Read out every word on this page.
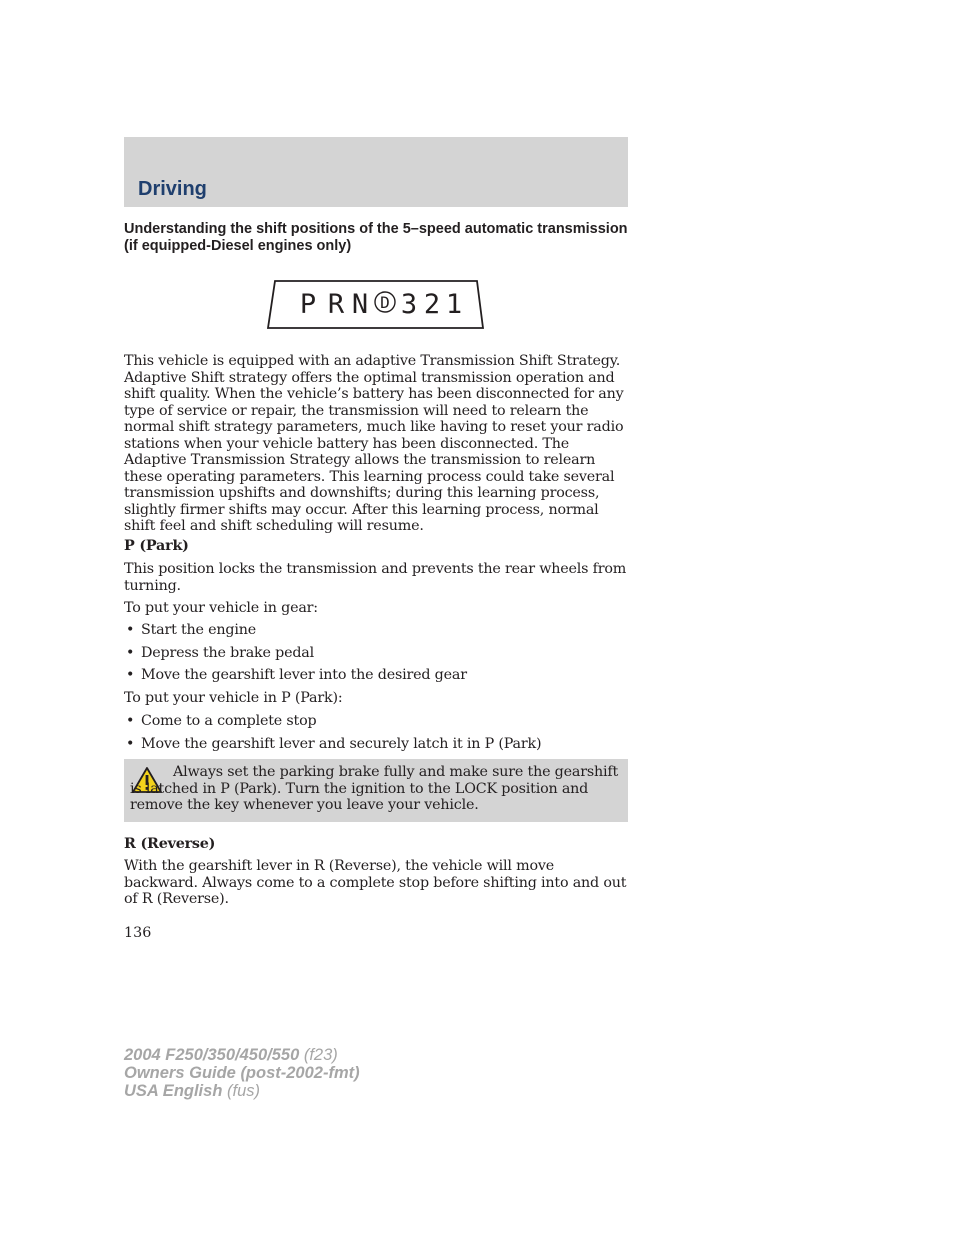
Driving
Understanding the shift positions of the 5–speed automatic transmission (if equipped-Diesel engines only)
P R N D 3 2 1

This vehicle is equipped with an adaptive Transmission Shift Strategy. Adaptive Shift strategy offers the optimal transmission operation and shift quality. When the vehicle’s battery has been disconnected for any type of service or repair, the transmission will need to relearn the normal shift strategy parameters, much like having to reset your radio stations when your vehicle battery has been disconnected. The Adaptive Transmission Strategy allows the transmission to relearn these operating parameters. This learning process could take several transmission upshifts and downshifts; during this learning process, slightly firmer shifts may occur. After this learning process, normal shift feel and shift scheduling will resume.

P (Park)

This position locks the transmission and prevents the rear wheels from turning.

To put your vehicle in gear:

• Start the engine
• Depress the brake pedal
• Move the gearshift lever into the desired gear

To put your vehicle in P (Park):

• Come to a complete stop
• Move the gearshift lever and securely latch it in P (Park)

Always set the parking brake fully and make sure the gearshift is latched in P (Park). Turn the ignition to the LOCK position and remove the key whenever you leave your vehicle.

R (Reverse)

With the gearshift lever in R (Reverse), the vehicle will move backward. Always come to a complete stop before shifting into and out of R (Reverse).

136

2004 F250/350/450/550 (f23)
Owners Guide (post-2002-fmt)
USA English (fus)
